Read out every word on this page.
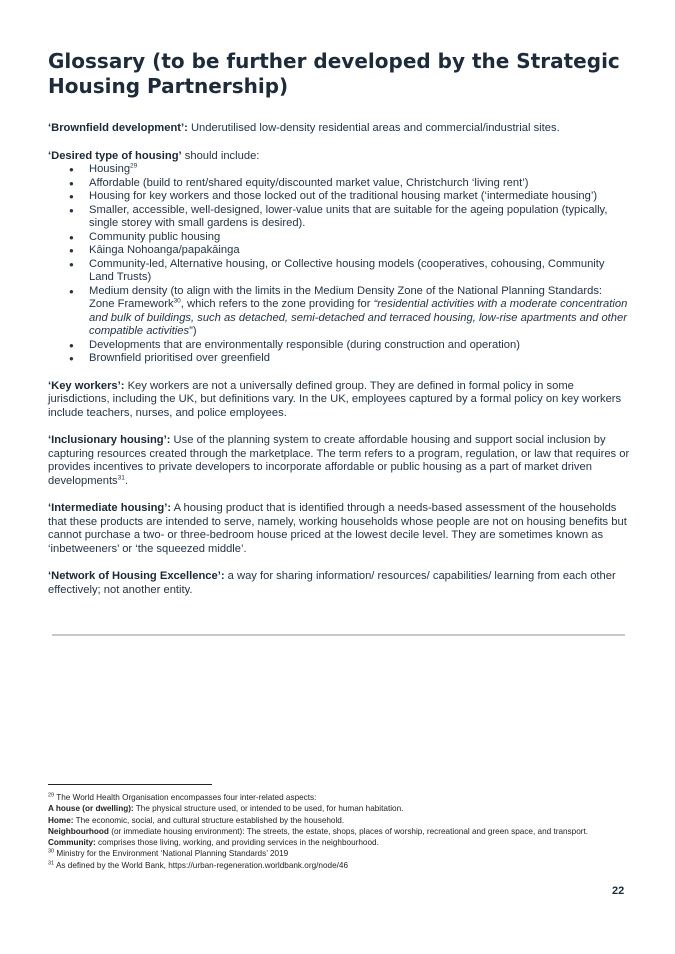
Glossary (to be further developed by the Strategic Housing Partnership)

‘Brownfield development’: Underutilised low-density residential areas and commercial/industrial sites.

‘Desired type of housing’ should include:
● Housing$^{29}$
● Affordable (build to rent/shared equity/discounted market value, Christchurch ‘living rent’)
● Housing for key workers and those locked out of the traditional housing market (‘intermediate housing’)
● Smaller, accessible, well-designed, lower-value units that are suitable for the ageing population (typically, single storey with small gardens is desired).
● Community public housing
● Kāinga Nohoanga/papakāinga
● Community-led, Alternative housing, or Collective housing models (cooperatives, cohousing, Community Land Trusts)
● Medium density (to align with the limits in the Medium Density Zone of the National Planning Standards: Zone Framework$^{30}$, which refers to the zone providing for “residential activities with a moderate concentration and bulk of buildings, such as detached, semi-detached and terraced housing, low-rise apartments and other compatible activities”)
● Developments that are environmentally responsible (during construction and operation)
● Brownfield prioritised over greenfield

‘Key workers’: Key workers are not a universally defined group. They are defined in formal policy in some jurisdictions, including the UK, but definitions vary. In the UK, employees captured by a formal policy on key workers include teachers, nurses, and police employees.

‘Inclusionary housing’: Use of the planning system to create affordable housing and support social inclusion by capturing resources created through the marketplace. The term refers to a program, regulation, or law that requires or provides incentives to private developers to incorporate affordable or public housing as a part of market driven developments$^{31}$.

‘Intermediate housing’: A housing product that is identified through a needs-based assessment of the households that these products are intended to serve, namely, working households whose people are not on housing benefits but cannot purchase a two- or three-bedroom house priced at the lowest decile level. They are sometimes known as ‘inbetweeners’ or ‘the squeezed middle’.

‘Network of Housing Excellence’: a way for sharing information/ resources/ capabilities/ learning from each other effectively; not another entity.

$^{29}$ The World Health Organisation encompasses four inter-related aspects:
A house (or dwelling): The physical structure used, or intended to be used, for human habitation.
Home: The economic, social, and cultural structure established by the household.
Neighbourhood (or immediate housing environment): The streets, the estate, shops, places of worship, recreational and green space, and transport.
Community: comprises those living, working, and providing services in the neighbourhood.
$^{30}$ Ministry for the Environment ‘National Planning Standards’ 2019
$^{31}$ As defined by the World Bank, https://urban-regeneration.worldbank.org/node/46
22
